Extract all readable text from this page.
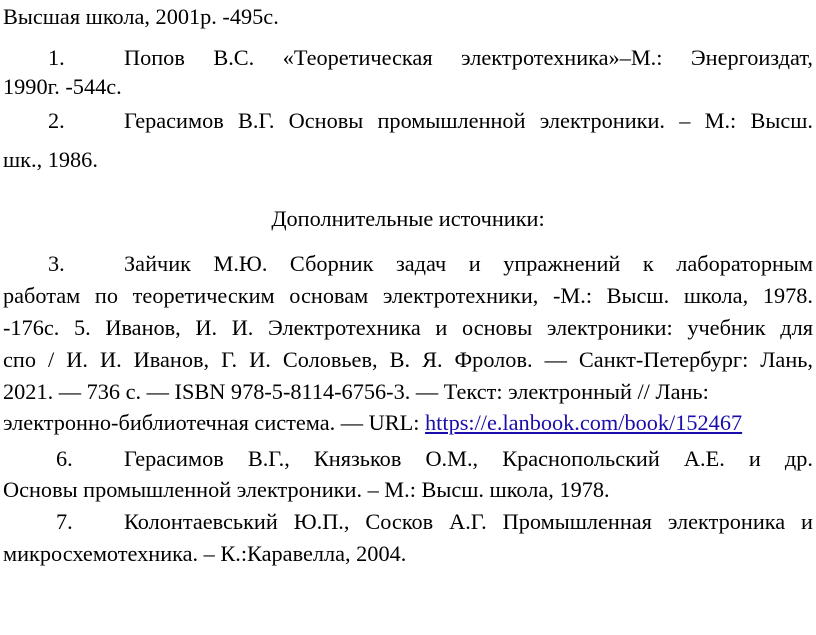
Высшая школа, 2001р. -495с.
1.	Попов В.С. «Теоретическая электротехника»–М.: Энергоиздат,
1990г. -544с.
2.	Герасимов В.Г. Основы промышленной электроники. – М.: Высш.
шк., 1986.
Дополнительные источники:
3.	Зайчик М.Ю. Сборник задач и упражнений к лабораторным
работам по теоретическим основам электротехники, -М.: Высш. школа, 1978.
-176с. 5. Иванов, И. И. Электротехника и основы электроники: учебник для
спо / И. И. Иванов, Г. И. Соловьев, В. Я. Фролов. — Санкт-Петербург: Лань,
2021. — 736 с. — ISBN 978-5-8114-6756-3. — Текст: электронный // Лань:
электронно-библиотечная система. — URL: https://e.lanbook.com/book/152467
6. Герасимов В.Г., Князьков О.М., Краснопольский А.Е. и др.
Основы промышленной электроники. – М.: Высш. школа, 1978.
7. Колонтаевський Ю.П., Сосков А.Г. Промышленная электроника и
микросхемотехника. – К.:Каравелла, 2004.
